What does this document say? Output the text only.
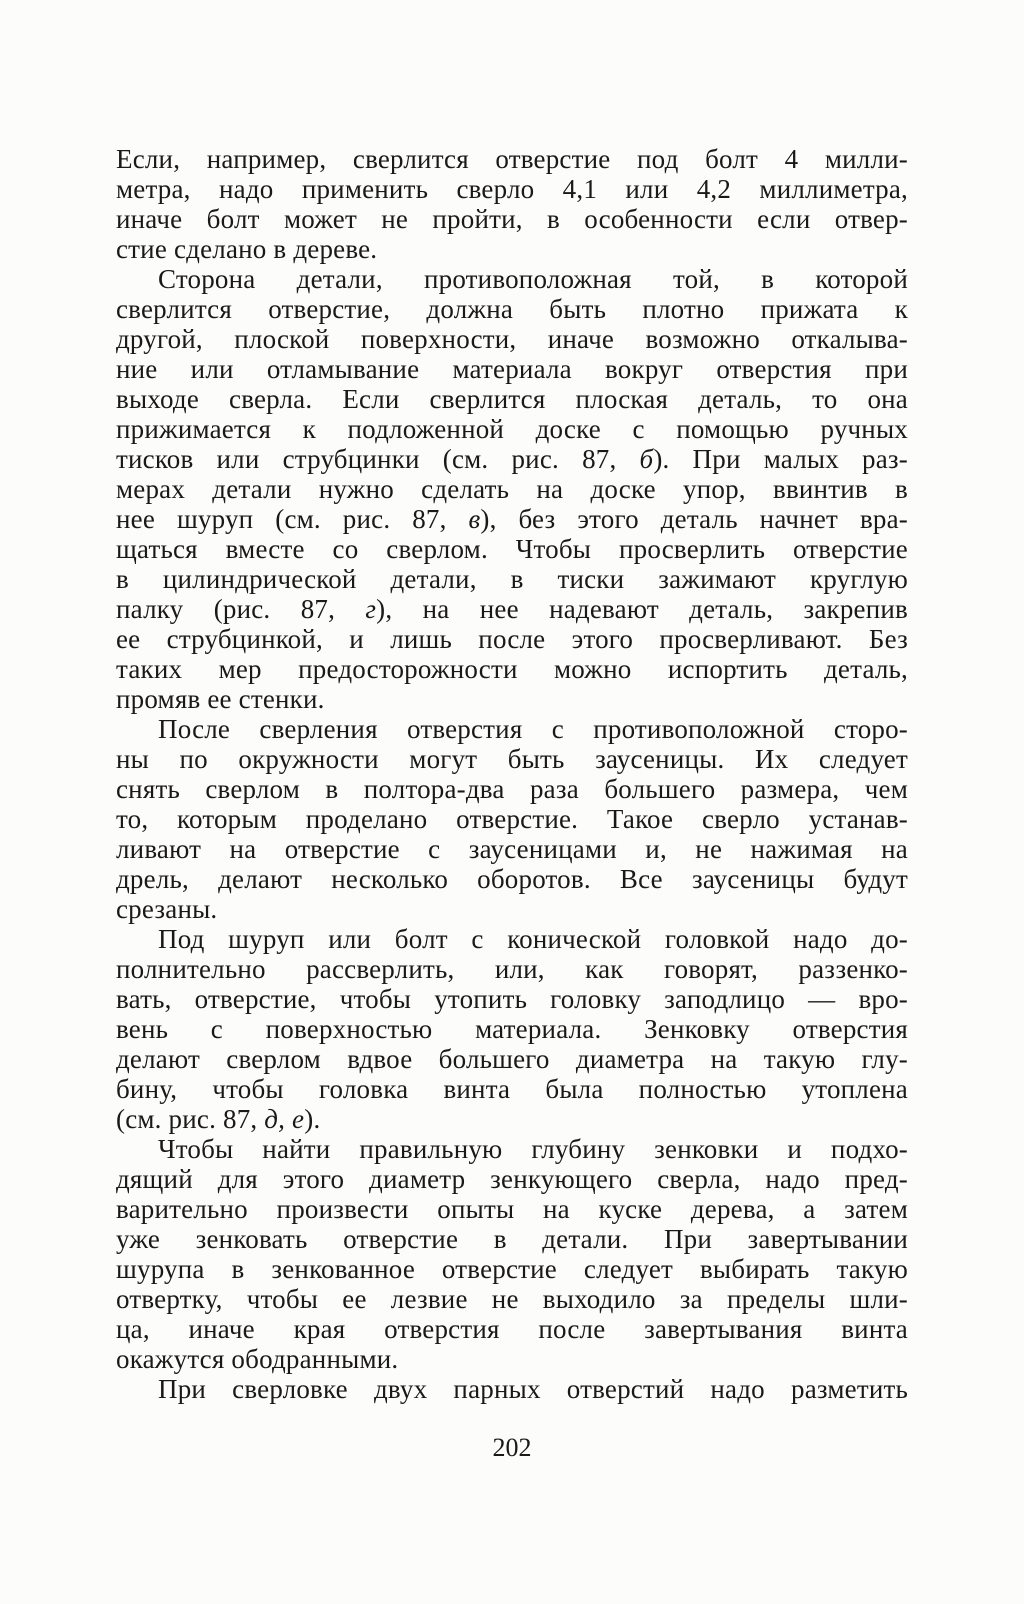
Если, например, сверлится отверстие под болт 4 милли-
метра, надо применить сверло 4,1 или 4,2 миллиметра,
иначе болт может не пройти, в особенности если отвер-
стие сделано в дереве.
Сторона детали, противоположная той, в которой
сверлится отверстие, должна быть плотно прижата к
другой, плоской поверхности, иначе возможно откалыва-
ние или отламывание материала вокруг отверстия при
выходе сверла. Если сверлится плоская деталь, то она
прижимается к подложенной доске с помощью ручных
тисков или струбцинки (см. рис. 87, б). При малых раз-
мерах детали нужно сделать на доске упор, ввинтив в
нее шуруп (см. рис. 87, в), без этого деталь начнет вра-
щаться вместе со сверлом. Чтобы просверлить отверстие
в цилиндрической детали, в тиски зажимают круглую
палку (рис. 87, г), на нее надевают деталь, закрепив
ее струбцинкой, и лишь после этого просверливают. Без
таких мер предосторожности можно испортить деталь,
промяв ее стенки.
После сверления отверстия с противоположной сторо-
ны по окружности могут быть заусеницы. Их следует
снять сверлом в полтора-два раза большего размера, чем
то, которым проделано отверстие. Такое сверло устанав-
ливают на отверстие с заусеницами и, не нажимая на
дрель, делают несколько оборотов. Все заусеницы будут
срезаны.
Под шуруп или болт с конической головкой надо до-
полнительно рассверлить, или, как говорят, раззенко-
вать, отверстие, чтобы утопить головку заподлицо — вро-
вень с поверхностью материала. Зенковку отверстия
делают сверлом вдвое большего диаметра на такую глу-
бину, чтобы головка винта была полностью утоплена
(см. рис. 87, д, е).
Чтобы найти правильную глубину зенковки и подхо-
дящий для этого диаметр зенкующего сверла, надо пред-
варительно произвести опыты на куске дерева, а затем
уже зенковать отверстие в детали. При завертывании
шурупа в зенкованное отверстие следует выбирать такую
отвертку, чтобы ее лезвие не выходило за пределы шли-
ца, иначе края отверстия после завертывания винта
окажутся ободранными.
При сверловке двух парных отверстий надо разметить
202
